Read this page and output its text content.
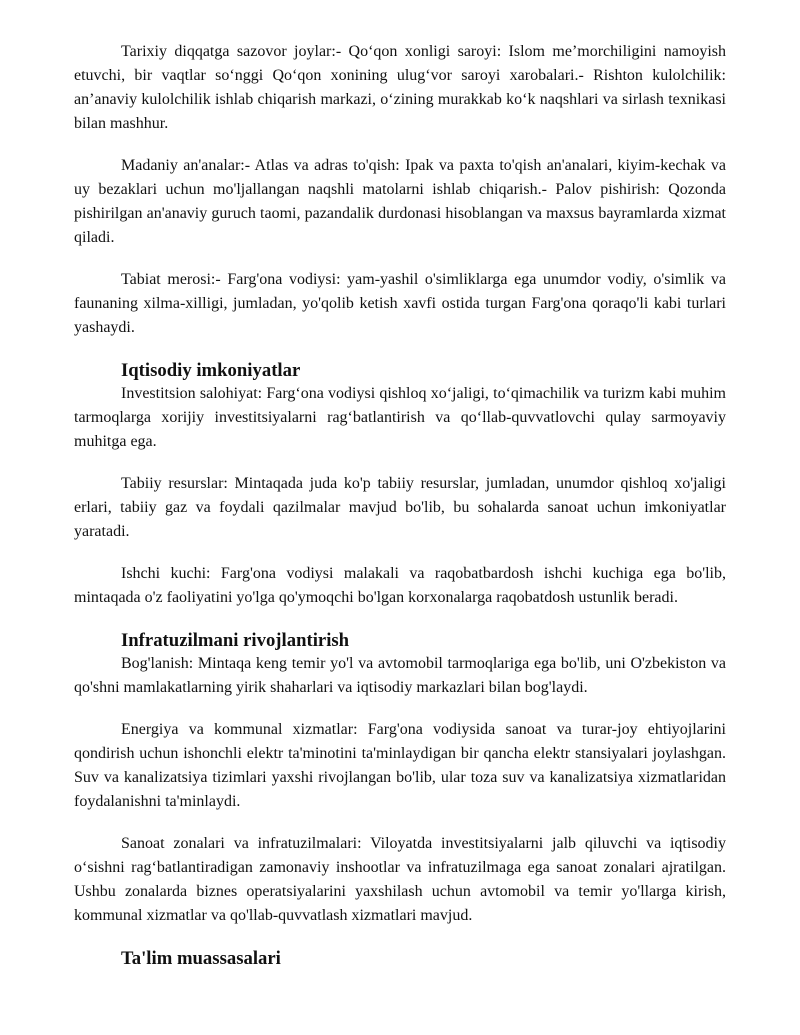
Tarixiy diqqatga sazovor joylar:- Qo‘qon xonligi saroyi: Islom me’morchiligini namoyish etuvchi, bir vaqtlar so‘nggi Qo‘qon xonining ulug‘vor saroyi xarobalari.- Rishton kulolchilik: an’anaviy kulolchilik ishlab chiqarish markazi, o‘zining murakkab ko‘k naqshlari va sirlash texnikasi bilan mashhur.

Madaniy an'analar:- Atlas va adras to'qish: Ipak va paxta to'qish an'analari, kiyim-kechak va uy bezaklari uchun mo'ljallangan naqshli matolarni ishlab chiqarish.- Palov pishirish: Qozonda pishirilgan an'anaviy guruch taomi, pazandalik durdonasi hisoblangan va maxsus bayramlarda xizmat qiladi.

Tabiat merosi:- Farg'ona vodiysi: yam-yashil o'simliklarga ega unumdor vodiy, o'simlik va faunaning xilma-xilligi, jumladan, yo'qolib ketish xavfi ostida turgan Farg'ona qoraqo'li kabi turlari yashaydi.

Iqtisodiy imkoniyatlar

Investitsion salohiyat: Farg‘ona vodiysi qishloq xo‘jaligi, to‘qimachilik va turizm kabi muhim tarmoqlarga xorijiy investitsiyalarni rag‘batlantirish va qo‘llab-quvvatlovchi qulay sarmoyaviy muhitga ega.

Tabiiy resurslar: Mintaqada juda ko'p tabiiy resurslar, jumladan, unumdor qishloq xo'jaligi erlari, tabiiy gaz va foydali qazilmalar mavjud bo'lib, bu sohalarda sanoat uchun imkoniyatlar yaratadi.

Ishchi kuchi: Farg'ona vodiysi malakali va raqobatbardosh ishchi kuchiga ega bo'lib, mintaqada o'z faoliyatini yo'lga qo'ymoqchi bo'lgan korxonalarga raqobatdosh ustunlik beradi.

Infratuzilmani rivojlantirish

Bog'lanish: Mintaqa keng temir yo'l va avtomobil tarmoqlariga ega bo'lib, uni O'zbekiston va qo'shni mamlakatlarning yirik shaharlari va iqtisodiy markazlari bilan bog'laydi.

Energiya va kommunal xizmatlar: Farg'ona vodiysida sanoat va turar-joy ehtiyojlarini qondirish uchun ishonchli elektr ta'minotini ta'minlaydigan bir qancha elektr stansiyalari joylashgan. Suv va kanalizatsiya tizimlari yaxshi rivojlangan bo'lib, ular toza suv va kanalizatsiya xizmatlaridan foydalanishni ta'minlaydi.

Sanoat zonalari va infratuzilmalari: Viloyatda investitsiyalarni jalb qiluvchi va iqtisodiy o‘sishni rag‘batlantiradigan zamonaviy inshootlar va infratuzilmaga ega sanoat zonalari ajratilgan. Ushbu zonalarda biznes operatsiyalarini yaxshilash uchun avtomobil va temir yo'llarga kirish, kommunal xizmatlar va qo'llab-quvvatlash xizmatlari mavjud.

Ta'lim muassasalari
